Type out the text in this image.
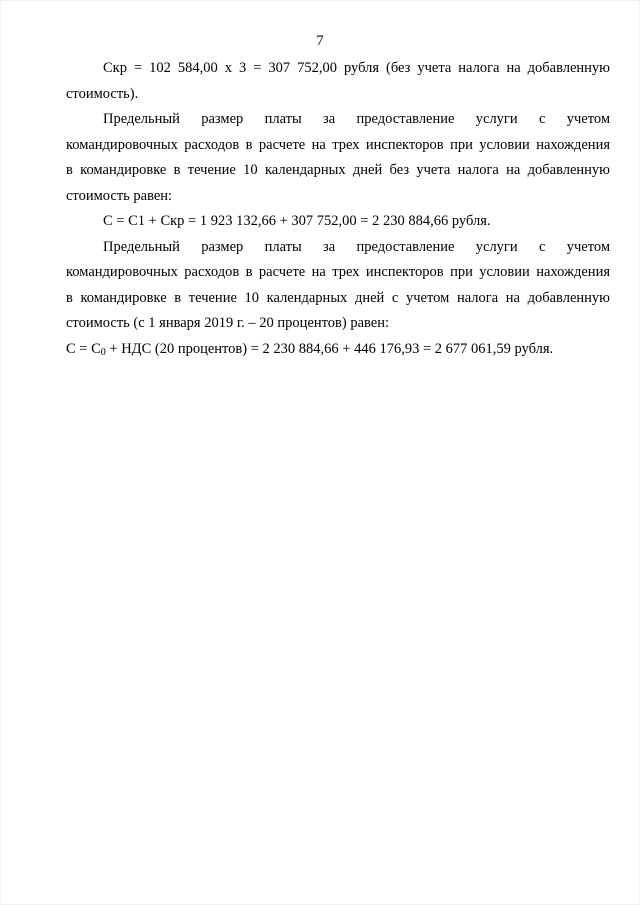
7
Скр = 102 584,00 х 3 = 307 752,00 рубля (без учета налога на добавленную
стоимость).
Предельный размер платы за предоставление услуги с учетом
командировочных расходов в расчете на трех инспекторов при условии нахождения
в командировке в течение 10 календарных дней без учета налога на добавленную
стоимость равен:
С = С1 + Скр = 1 923 132,66 + 307 752,00 = 2 230 884,66 рубля.
Предельный размер платы за предоставление услуги с учетом
командировочных расходов в расчете на трех инспекторов при условии нахождения
в командировке в течение 10 календарных дней с учетом налога на добавленную
стоимость (с 1 января 2019 г. – 20 процентов) равен:
$С = С_0$ + НДС (20 процентов) = 2 230 884,66 + 446 176,93 = 2 677 061,59 рубля.
